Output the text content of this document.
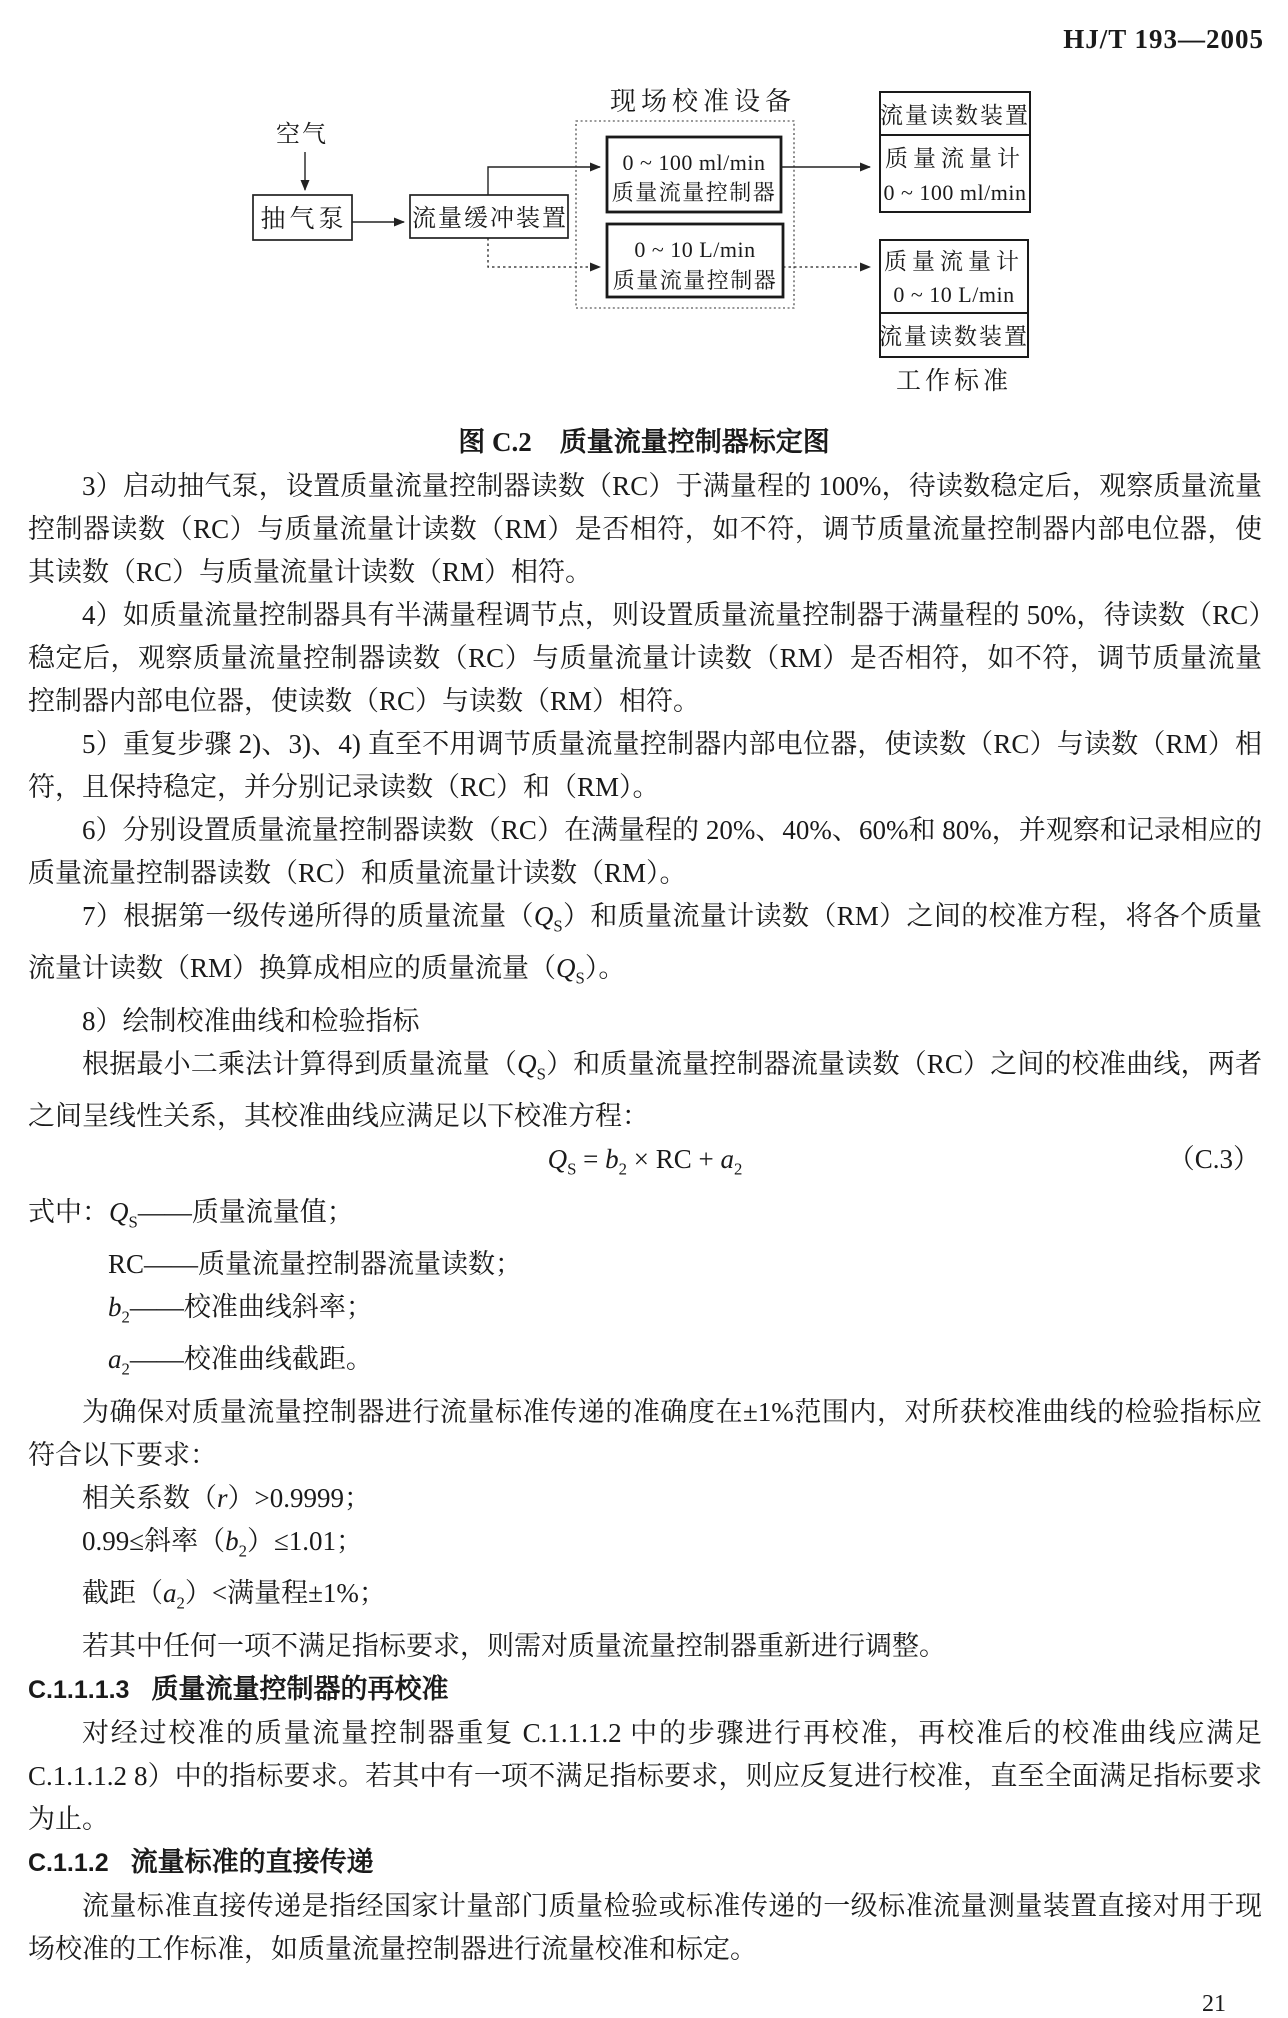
HJ/T 193—2005
空气
抽气泵	流量缓冲装置
现场校准设备
0 ~ 100 ml/min
质量流量控制器
0 ~ 10 L/min
质量流量控制器
流量读数装置
质量流量计
0 ~ 100 ml/min
质量流量计
0 ~ 10 L/min
流量读数装置
工作标准
图 C.2 质量流量控制器标定图

3）启动抽气泵，设置质量流量控制器读数（RC）于满量程的 100%，待读数稳定后，观察质量流量控制器读数（RC）与质量流量计读数（RM）是否相符，如不符，调节质量流量控制器内部电位器，使其读数（RC）与质量流量计读数（RM）相符。

4）如质量流量控制器具有半满量程调节点，则设置质量流量控制器于满量程的 50%，待读数（RC）稳定后，观察质量流量控制器读数（RC）与质量流量计读数（RM）是否相符，如不符，调节质量流量控制器内部电位器，使读数（RC）与读数（RM）相符。

5）重复步骤 2)、3)、4) 直至不用调节质量流量控制器内部电位器，使读数（RC）与读数（RM）相符，且保持稳定，并分别记录读数（RC）和（RM）。

6）分别设置质量流量控制器读数（RC）在满量程的 20%、40%、60%和 80%，并观察和记录相应的质量流量控制器读数（RC）和质量流量计读数（RM）。

7）根据第一级传递所得的质量流量$(Q_S)$和质量流量计读数（RM）之间的校准方程，将各个质量流量计读数（RM）换算成相应的质量流量$(Q_S)$。

8）绘制校准曲线和检验指标

根据最小二乘法计算得到质量流量$(Q_S)$和质量流量控制器流量读数（RC）之间的校准曲线，两者之间呈线性关系，其校准曲线应满足以下校准方程：

$Q_S = b_2$ × RC + $a_2$	（C.3）

式中：$Q_S——$质量流量值；

RC——质量流量控制器流量读数；

$b_2——$校准曲线斜率；

$a_2——$校准曲线截距。

为确保对质量流量控制器进行流量标准传递的准确度在±1%范围内，对所获校准曲线的检验指标应符合以下要求：

相关系数（r）>0.9999；

0.99≤斜率$(b_2)\le 1.01$；

截距$(a_2)<$满量程±1%；

若其中任何一项不满足指标要求，则需对质量流量控制器重新进行调整。

C.1.1.1.3 质量流量控制器的再校准

对经过校准的质量流量控制器重复 C.1.1.1.2 中的步骤进行再校准，再校准后的校准曲线应满足 C.1.1.1.2 8）中的指标要求。若其中有一项不满足指标要求，则应反复进行校准，直至全面满足指标要求为止。

C.1.1.2 流量标准的直接传递

流量标准直接传递是指经国家计量部门质量检验或标准传递的一级标准流量测量装置直接对用于现场校准的工作标准，如质量流量控制器进行流量校准和标定。

21
